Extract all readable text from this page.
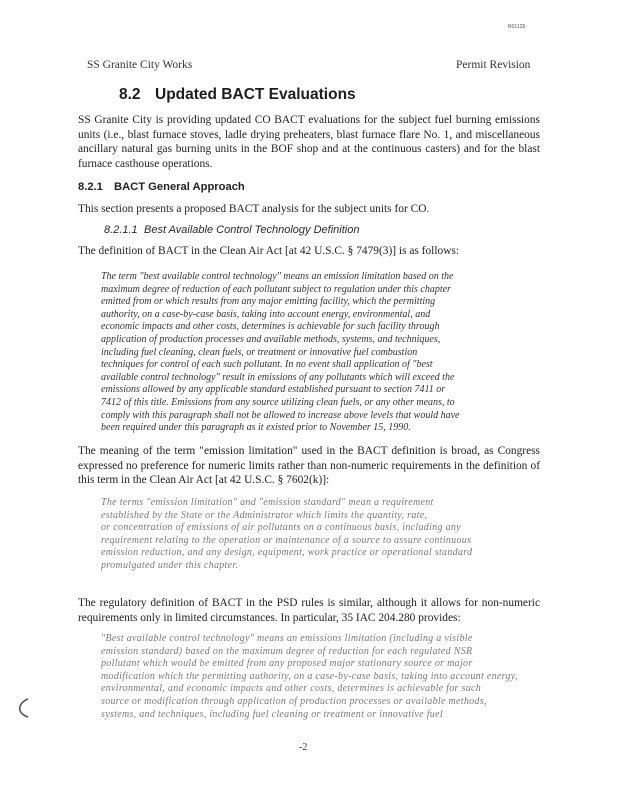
R01128
SS Granite City Works	Permit Revision
8.2 Updated BACT Evaluations
SS Granite City is providing updated CO BACT evaluations for the subject fuel burning emissions units (i.e., blast furnace stoves, ladle drying preheaters, blast furnace flare No. 1, and miscellaneous ancillary natural gas burning units in the BOF shop and at the continuous casters) and for the blast furnace casthouse operations.
8.2.1 BACT General Approach
This section presents a proposed BACT analysis for the subject units for CO.
8.2.1.1 Best Available Control Technology Definition
The definition of BACT in the Clean Air Act [at 42 U.S.C. § 7479(3)] is as follows:
The term "best available control technology" means an emission limitation based on the
maximum degree of reduction of each pollutant subject to regulation under this chapter
emitted from or which results from any major emitting facility, which the permitting
authority, on a case-by-case basis, taking into account energy, environmental, and
economic impacts and other costs, determines is achievable for such facility through
application of production processes and available methods, systems, and techniques,
including fuel cleaning, clean fuels, or treatment or innovative fuel combustion
techniques for control of each such pollutant. In no event shall application of "best
available control technology" result in emissions of any pollutants which will exceed the
emissions allowed by any applicable standard established pursuant to section 7411 or
7412 of this title. Emissions from any source utilizing clean fuels, or any other means, to
comply with this paragraph shall not be allowed to increase above levels that would have
been required under this paragraph as it existed prior to November 15, 1990.
The meaning of the term "emission limitation" used in the BACT definition is broad, as Congress expressed no preference for numeric limits rather than non-numeric requirements in the definition of this term in the Clean Air Act [at 42 U.S.C. § 7602(k)]:
The terms "emission limitation" and "emission standard" mean a requirement
established by the State or the Administrator which limits the quantity, rate,
or concentration of emissions of air pollutants on a continuous basis, including any
requirement relating to the operation or maintenance of a source to assure continuous
emission reduction, and any design, equipment, work practice or operational standard
promulgated under this chapter.
The regulatory definition of BACT in the PSD rules is similar, although it allows for non-numeric requirements only in limited circumstances. In particular, 35 IAC 204.280 provides:
"Best available control technology" means an emissions limitation (including a visible
emission standard) based on the maximum degree of reduction for each regulated NSR
pollutant which would be emitted from any proposed major stationary source or major
modification which the permitting authority, on a case-by-case basis, taking into account energy,
environmental, and economic impacts and other costs, determines is achievable for such
source or modification through application of production processes or available methods,
systems, and techniques, including fuel cleaning or treatment or innovative fuel
-2
